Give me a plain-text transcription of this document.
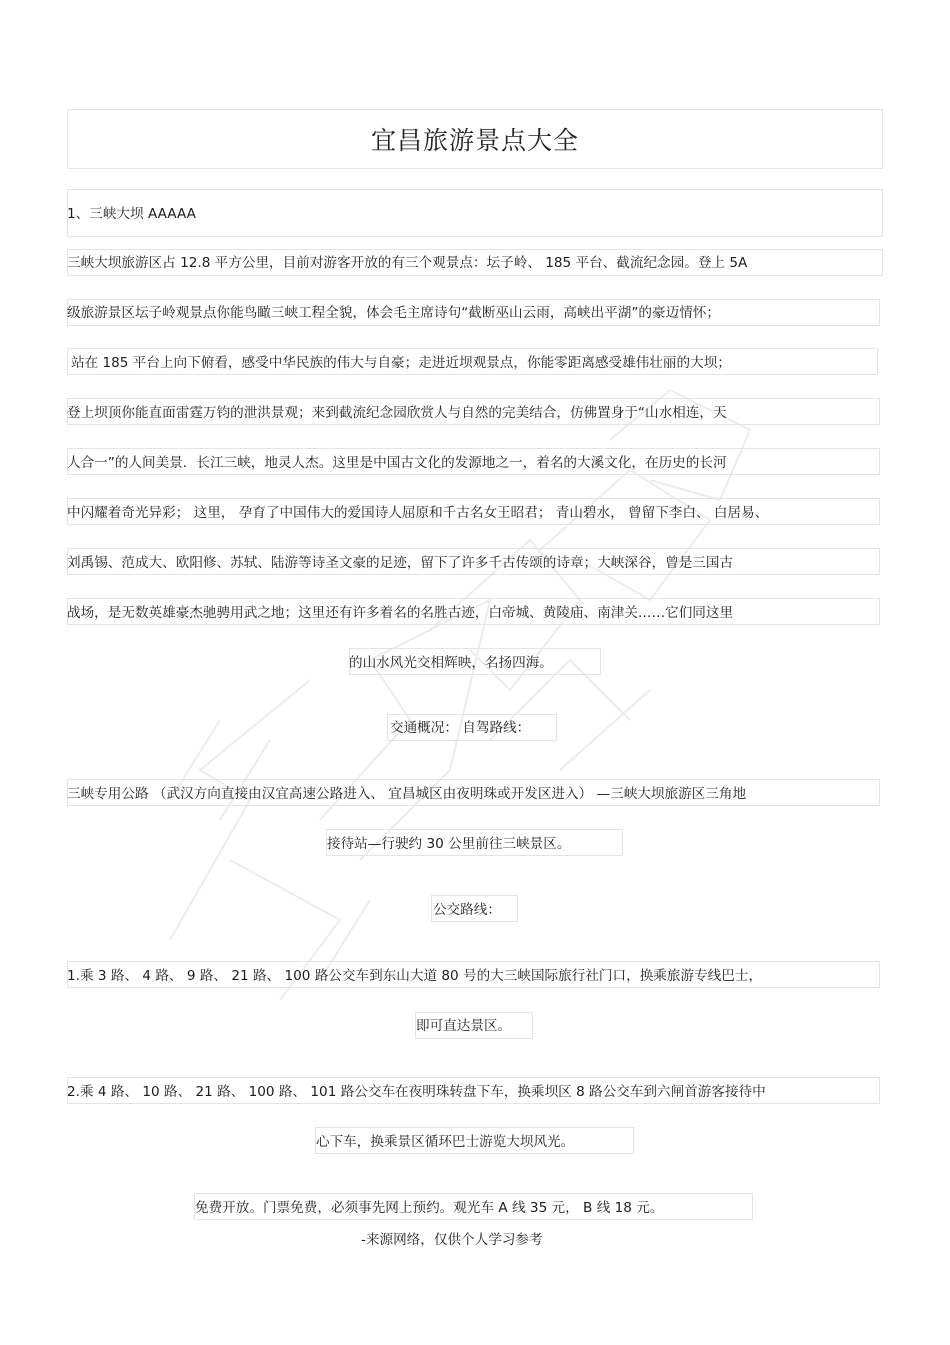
宜昌旅游景点大全
1、三峡大坝 AAAAA
三峡大坝旅游区占 12.8 平方公里，目前对游客开放的有三个观景点：坛子岭、 185 平台、截流纪念园。登上 5A
级旅游景区坛子岭观景点你能鸟瞰三峡工程全貌，体会毛主席诗句“截断巫山云雨，高峡出平湖”的豪迈情怀；
站在 185 平台上向下俯看，感受中华民族的伟大与自豪；走进近坝观景点，你能零距离感受雄伟壮丽的大坝；
登上坝顶你能直面雷霆万钧的泄洪景观；来到截流纪念园欣赏人与自然的完美结合，仿佛置身于“山水相连，天
人合一”的人间美景．长江三峡，地灵人杰。这里是中国古文化的发源地之一，着名的大溪文化，在历史的长河
中闪耀着奇光异彩； 这里， 孕育了中国伟大的爱国诗人屈原和千古名女王昭君； 青山碧水， 曾留下李白、 白居易、
刘禹锡、范成大、欧阳修、苏轼、陆游等诗圣文豪的足迹，留下了许多千古传颂的诗章；大峡深谷，曾是三国古
战场，是无数英雄豪杰驰骋用武之地；这里还有许多着名的名胜古迹，白帝城、黄陵庙、南津关……它们同这里
的山水风光交相辉映，名扬四海。
交通概况： 自驾路线：
三峡专用公路 （武汉方向直接由汉宜高速公路进入、 宜昌城区由夜明珠或开发区进入） —三峡大坝旅游区三角地
接待站—行驶约 30 公里前往三峡景区。
公交路线：
1.乘 3 路、 4 路、 9 路、 21 路、 100 路公交车到东山大道 80 号的大三峡国际旅行社门口，换乘旅游专线巴士，
即可直达景区。
2.乘 4 路、 10 路、 21 路、 100 路、 101 路公交车在夜明珠转盘下车，换乘坝区 8 路公交车到六闸首游客接待中
心下车，换乘景区循环巴士游览大坝风光。
免费开放。门票免费，必须事先网上预约。观光车 A 线 35 元， B 线 18 元。
-来源网络，仅供个人学习参考
